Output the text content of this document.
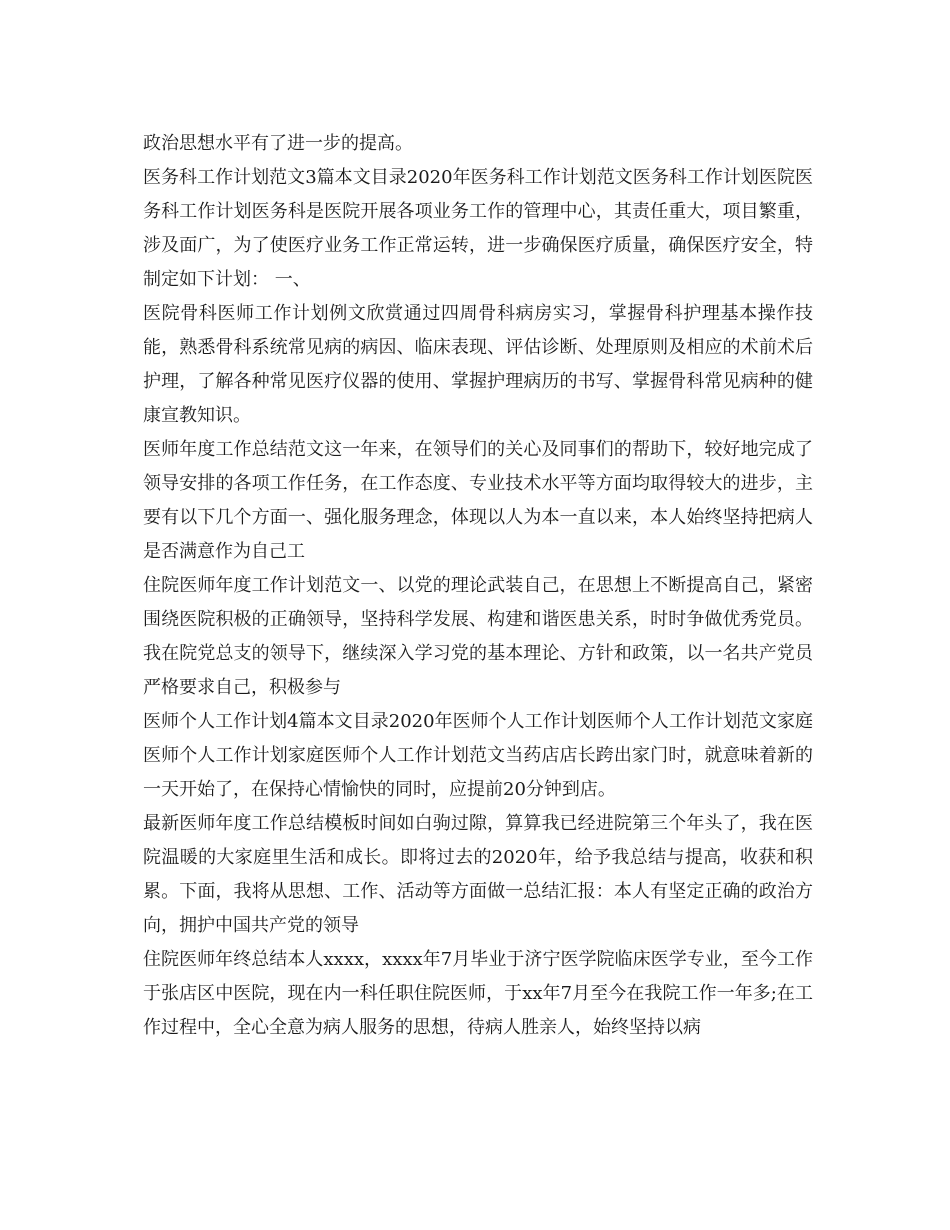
政治思想水平有了进一步的提高。

医务科工作计划范文3篇本文目录2020年医务科工作计划范文医务科工作计划医院医务科工作计划医务科是医院开展各项业务工作的管理中心，其责任重大，项目繁重，涉及面广，为了使医疗业务工作正常运转，进一步确保医疗质量，确保医疗安全，特制定如下计划： 一、

医院骨科医师工作计划例文欣赏通过四周骨科病房实习，掌握骨科护理基本操作技能，熟悉骨科系统常见病的病因、临床表现、评估诊断、处理原则及相应的术前术后护理，了解各种常见医疗仪器的使用、掌握护理病历的书写、掌握骨科常见病种的健康宣教知识。

医师年度工作总结范文这一年来，在领导们的关心及同事们的帮助下，较好地完成了领导安排的各项工作任务，在工作态度、专业技术水平等方面均取得较大的进步，主要有以下几个方面一、强化服务理念，体现以人为本一直以来，本人始终坚持把病人是否满意作为自己工

住院医师年度工作计划范文一、以党的理论武装自己，在思想上不断提高自己，紧密围绕医院积极的正确领导，坚持科学发展、构建和谐医患关系，时时争做优秀党员。我在院党总支的领导下，继续深入学习党的基本理论、方针和政策，以一名共产党员严格要求自己，积极参与

医师个人工作计划4篇本文目录2020年医师个人工作计划医师个人工作计划范文家庭医师个人工作计划家庭医师个人工作计划范文当药店店长跨出家门时，就意味着新的一天开始了，在保持心情愉快的同时，应提前20分钟到店。

最新医师年度工作总结模板时间如白驹过隙，算算我已经进院第三个年头了，我在医院温暖的大家庭里生活和成长。即将过去的2020年，给予我总结与提高，收获和积累。下面，我将从思想、工作、活动等方面做一总结汇报：本人有坚定正确的政治方向，拥护中国共产党的领导

住院医师年终总结本人xxxx，xxxx年7月毕业于济宁医学院临床医学专业，至今工作于张店区中医院，现在内一科任职住院医师，于xx年7月至今在我院工作一年多;在工作过程中，全心全意为病人服务的思想，待病人胜亲人，始终坚持以病
